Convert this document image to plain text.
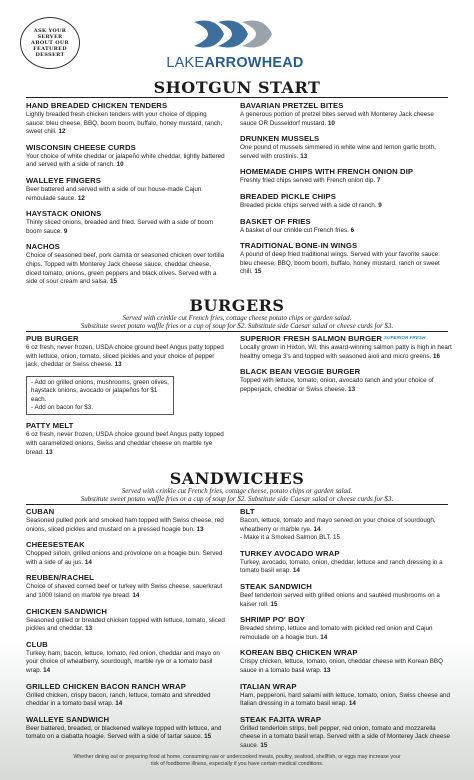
ASK YOUR SERVER ABOUT OUR FEATURED DESSERT	LAKEARROWHEAD
SHOTGUN START
HAND BREADED CHICKEN TENDERS
Lightly breaded fresh chicken tenders with your choice of dipping sauce: bleu cheese, BBQ, boom boom, buffalo, honey mustard, ranch, sweet chili. 12
WISCONSIN CHEESE CURDS
Your choice of white cheddar or jalapeño white cheddar, lightly battered and served with a side of ranch. 10
WALLEYE FINGERS
Beer battered and served with a side of our house-made Cajun remoulade sauce. 12
HAYSTACK ONIONS
Thinly sliced onions, breaded and fried. Served with a side of boom boom sauce. 9
NACHOS
Choice of seasoned beef, pork carnita or seasoned chicken over tortilla chips. Topped with Monterey Jack cheese sauce, cheddar cheese, diced tomato, onions, green peppers and black olives. Served with a side of sour cream and salsa. 15
BAVARIAN PRETZEL BITES
A generous portion of pretzel bites served with Monterey Jack cheese sauce OR Dusseldorf mustard. 10
DRUNKEN MUSSELS
One pound of mussels simmered in white wine and lemon garlic broth, served with crostinis. 13
HOMEMADE CHIPS WITH FRENCH ONION DIP
Freshly fried chips served with French onion dip. 7
BREADED PICKLE CHIPS
Breaded pickle chips served with a side of ranch. 9
BASKET OF FRIES
A basket of our crinkle cut French fries. 6
TRADITIONAL BONE-IN WINGS
A pound of deep fried traditional wings. Served with your favorite sauce: bleu cheese, BBQ, boom boom, buffalo, honey mustard, ranch or sweet chili. 15
BURGERS
Served with crinkle cut French fries, cottage cheese potato chips or garden salad.
Substitute sweet potato waffle fries or a cup of soup for $2. Substitute side Caesar salad or cheese curds for $3.
PUB BURGER
6 oz fresh, never frozen, USDA choice ground beef Angus patty topped with lettuce, onion, tomato, sliced pickles and your choice of pepper jack, cheddar or Swiss cheese. 13
- Add on grilled onions, mushrooms, green olives, haystack onions, avocado or jalapeños for $1 each.
- Add on bacon for $3.
PATTY MELT
6 oz fresh, never frozen, USDA choice ground beef Angus patty topped with caramelized onions, Swiss and cheddar cheese on marble rye bread. 13
SUPERIOR FRESH SALMON BURGER SUPERIOR FRESH
Locally grown in Hixton, WI, this award-winning salmon patty is high in heart healthy omega 3's and topped with seasoned aioli and micro greens. 16
BLACK BEAN VEGGIE BURGER
Topped with lettuce, tomato, onion, avocado ranch and your choice of pepperjack, cheddar or Swiss cheese. 13
SANDWICHES
Served with crinkle cut French fries, cottage cheese, potato chips or garden salad.
Substitute sweet potato waffle fries or a cup of soup for $2. Substitute side Caesar salad or cheese curds for $3.
CUBAN
Seasoned pulled pork and smoked ham topped with Swiss cheese, red onions, sliced pickles and mustard on a pressed hoagie bun. 13
CHEESESTEAK
Chopped sirloin, grilled onions and provolone on a hoagie bun. Served with a side of au jus. 14
REUBEN/RACHEL
Choice of shaved corned beef or turkey with Swiss cheese, sauerkraut and 1000 Island on marble rye bread. 14
CHICKEN SANDWICH
Seasoned grilled or breaded chicken topped with lettuce, tomato, sliced pickles and cheddar. 13
CLUB
Turkey, ham, bacon, lettuce, tomato, red onion, cheddar and mayo on your choice of wheatberry, sourdough, marble rye or a tomato basil wrap. 14
GRILLED CHICKEN BACON RANCH WRAP
Grilled chicken, crispy bacon, ranch, lettuce, tomato and shredded cheddar in a tomato basil wrap. 14
WALLEYE SANDWICH
Beer battered, breaded, or blackened walleye topped with lettuce, and tomato on a ciabatta hoagie. Served with a side of tartar sauce. 15
BLT
Bacon, lettuce, tomato and mayo served on your choice of sourdough, wheatberry or marble rye. 14
- Make it a Smoked Salmon BLT. 15
TURKEY AVOCADO WRAP
Turkey, avocado, tomato, onion, cheddar, lettuce and ranch dressing in a tomato basil wrap. 14
STEAK SANDWICH
Beef tenderloin served with grilled onions and sautéed mushrooms on a kaiser roll. 15
SHRIMP PO' BOY
Breaded shrimp, lettuce and tomato with pickled red onion and Cajun remoulade on a hoagie bun. 14
KOREAN BBQ CHICKEN WRAP
Crispy chicken, lettuce, tomato, onion, cheddar cheese with Korean BBQ sauce in a tomato basil wrap. 13
ITALIAN WRAP
Ham, pepperoni, hard salami with lettuce, tomato, onion, Swiss cheese and Italian dressing in a tomato basil wrap. 14
STEAK FAJITA WRAP
Grilled tenderloin strips, bell pepper, red onion, tomato and mozzarella cheese in a tomato basil wrap. Served with a side of Monterey Jack cheese sauce. 15
Whether dining out or preparing food at home, consuming raw or undercooked meats, poultry, seafood, shellfish, or eggs may increase your risk of foodborne illness, especially if you have certain medical conditions.
